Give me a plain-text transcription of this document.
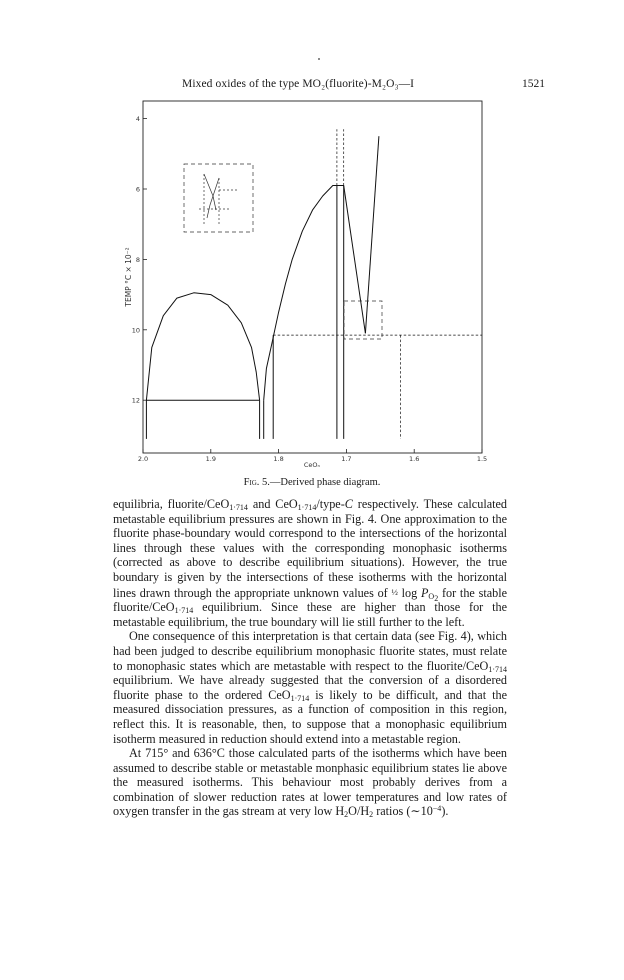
Mixed oxides of the type MO₂(fluorite)-M₂O₃—I	1521
12
10
8
6
4
2.0	1.9	1.8	1.7	1.6	1.5
TEMP °C × 10⁻²
CeOₙ
Fig. 5.—Derived phase diagram.

equilibria, fluorite/CeO$_{1\cdot 714}$ and CeO$_{1\cdot 714}$/type-C respectively. These calculated metastable equilibrium pressures are shown in Fig. 4. One approximation to the fluorite phase-boundary would correspond to the intersections of the horizontal lines through these values with the corresponding monophasic isotherms (corrected as above to describe equilibrium situations). However, the true boundary is given by the intersections of these isotherms with the horizontal lines drawn through the appropriate unknown values of ½ $\log P_{O_2}$ for the stable fluorite/CeO$_{1\cdot 714}$ equilibrium. Since these are higher than those for the metastable equilibrium, the true boundary will lie still further to the left.

One consequence of this interpretation is that certain data (see Fig. 4), which had been judged to describe equilibrium monophasic fluorite states, must relate to monophasic states which are metastable with respect to the fluorite/CeO$_{1\cdot 714}$ equilibrium. We have already suggested that the conversion of a disordered fluorite phase to the ordered CeO$_{1\cdot 714}$ is likely to be difficult, and that the measured dissociation pressures, as a function of composition in this region, reflect this. It is reasonable, then, to suppose that a monophasic equilibrium isotherm measured in reduction should extend into a metastable region.

At 715° and 636°C those calculated parts of the isotherms which have been assumed to describe stable or metastable monphasic equilibrium states lie above the measured isotherms. This behaviour most probably derives from a combination of slower reduction rates at lower temperatures and low rates of oxygen transfer in the gas stream at very low $H_2O/H_2$ ratios $(\sim 10^{-4})$.
